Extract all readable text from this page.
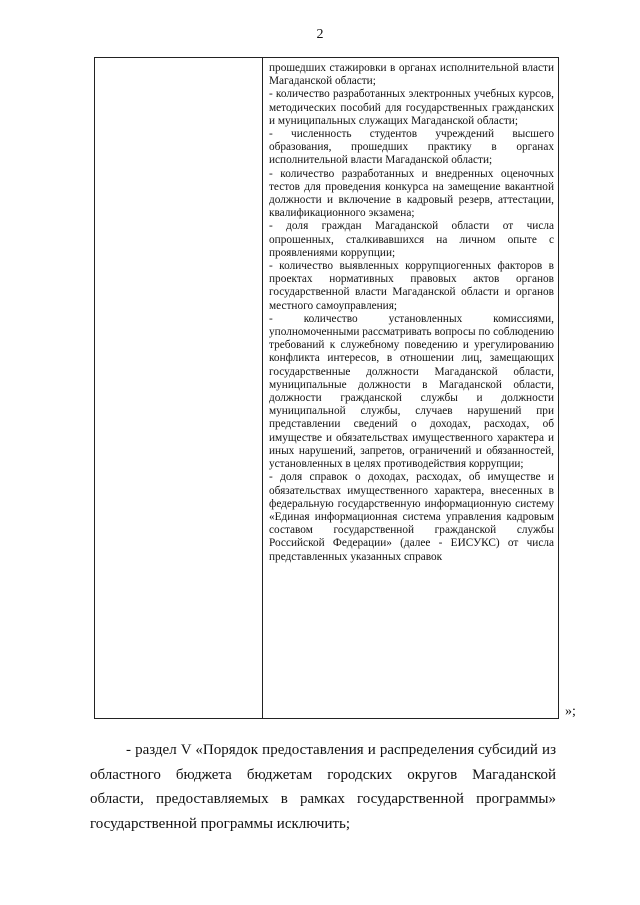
2

прошедших стажировки в органах исполнительной власти Магаданской области;

- количество разработанных электронных учебных курсов, методических пособий для государственных гражданских и муниципальных служащих Магаданской области;

- численность студентов учреждений высшего образования, прошедших практику в органах исполнительной власти Магаданской области;

- количество разработанных и внедренных оценочных тестов для проведения конкурса на замещение вакантной должности и включение в кадровый резерв, аттестации, квалификационного экзамена;

- доля граждан Магаданской области от числа опрошенных, сталкивавшихся на личном опыте с проявлениями коррупции;

- количество выявленных коррупциогенных факторов в проектах нормативных правовых актов органов государственной власти Магаданской области и органов местного самоуправления;

- количество установленных комиссиями, уполномоченными рассматривать вопросы по соблюдению требований к служебному поведению и урегулированию конфликта интересов, в отношении лиц, замещающих государственные должности Магаданской области, муниципальные должности в Магаданской области, должности гражданской службы и должности муниципальной службы, случаев нарушений при представлении сведений о доходах, расходах, об имуществе и обязательствах имущественного характера и иных нарушений, запретов, ограничений и обязанностей, установленных в целях противодействия коррупции;

- доля справок о доходах, расходах, об имуществе и обязательствах имущественного характера, внесенных в федеральную государственную информационную систему «Единая информационная система управления кадровым составом государственной гражданской службы Российской Федерации» (далее - ЕИСУКС) от числа представленных указанных справок

»;

- раздел V «Порядок предоставления и распределения субсидий из областного бюджета бюджетам городских округов Магаданской области, предоставляемых в рамках государственной программы» государственной программы исключить;
